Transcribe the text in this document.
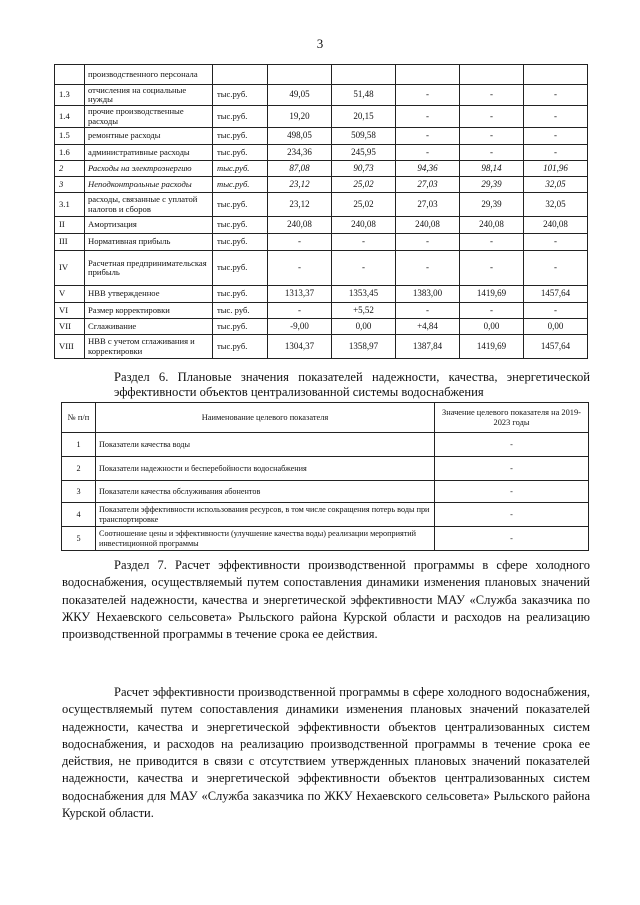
3
	производственного персонала						
1.3	отчисления на социальные нужды	тыс.руб.	49,05	51,48	-	-	-
1.4	прочие производственные расходы	тыс.руб.	19,20	20,15	-	-	-
1.5	ремонтные расходы	тыс.руб.	498,05	509,58	-	-	-
1.6	административные расходы	тыс.руб.	234,36	245,95	-	-	-
2	Расходы на электроэнергию	тыс.руб.	87,08	90,73	94,36	98,14	101,96
3	Неподконтрольные расходы	тыс.руб.	23,12	25,02	27,03	29,39	32,05
3.1	расходы, связанные с уплатой налогов и сборов	тыс.руб.	23,12	25,02	27,03	29,39	32,05
II	Амортизация	тыс.руб.	240,08	240,08	240,08	240,08	240,08
III	Нормативная прибыль	тыс.руб.	-	-	-	-	-
IV	Расчетная предпринимательская прибыль	тыс.руб.	-	-	-	-	-
V	НВВ утвержденное	тыс.руб.	1313,37	1353,45	1383,00	1419,69	1457,64
VI	Размер корректировки	тыс. руб.	-	+5,52	-	-	-
VII	Сглаживание	тыс.руб.	-9,00	0,00	+4,84	0,00	0,00
VIII	НВВ с учетом сглаживания и корректировки	тыс.руб.	1304,37	1358,97	1387,84	1419,69	1457,64
Раздел 6. Плановые значения показателей надежности, качества, энергетической эффективности объектов централизованной системы водоснабжения
№ п/п	Наименование целевого показателя	Значение целевого показателя на 2019-2023 годы
1	Показатели качества воды	-
2	Показатели надежности и бесперебойности водоснабжения	-
3	Показатели качества обслуживания абонентов	-
4	Показатели эффективности использования ресурсов, в том числе сокращения потерь воды при транспортировке	-
5	Соотношение цены и эффективности (улучшение качества воды) реализации мероприятий инвестиционной программы	-
Раздел 7. Расчет эффективности производственной программы в сфере холодного водоснабжения, осуществляемый путем сопоставления динамики изменения плановых значений показателей надежности, качества и энергетической эффективности МАУ «Служба заказчика по ЖКУ Нехаевского сельсовета» Рыльского района Курской области и расходов на реализацию производственной программы в течение срока ее действия.
Расчет эффективности производственной программы в сфере холодного водоснабжения, осуществляемый путем сопоставления динамики изменения плановых значений показателей надежности, качества и энергетической эффективности объектов централизованных систем водоснабжения, и расходов на реализацию производственной программы в течение срока ее действия, не приводится в связи с отсутствием утвержденных плановых значений показателей надежности, качества и энергетической эффективности объектов централизованных систем водоснабжения для МАУ «Служба заказчика по ЖКУ Нехаевского сельсовета» Рыльского района Курской области.
